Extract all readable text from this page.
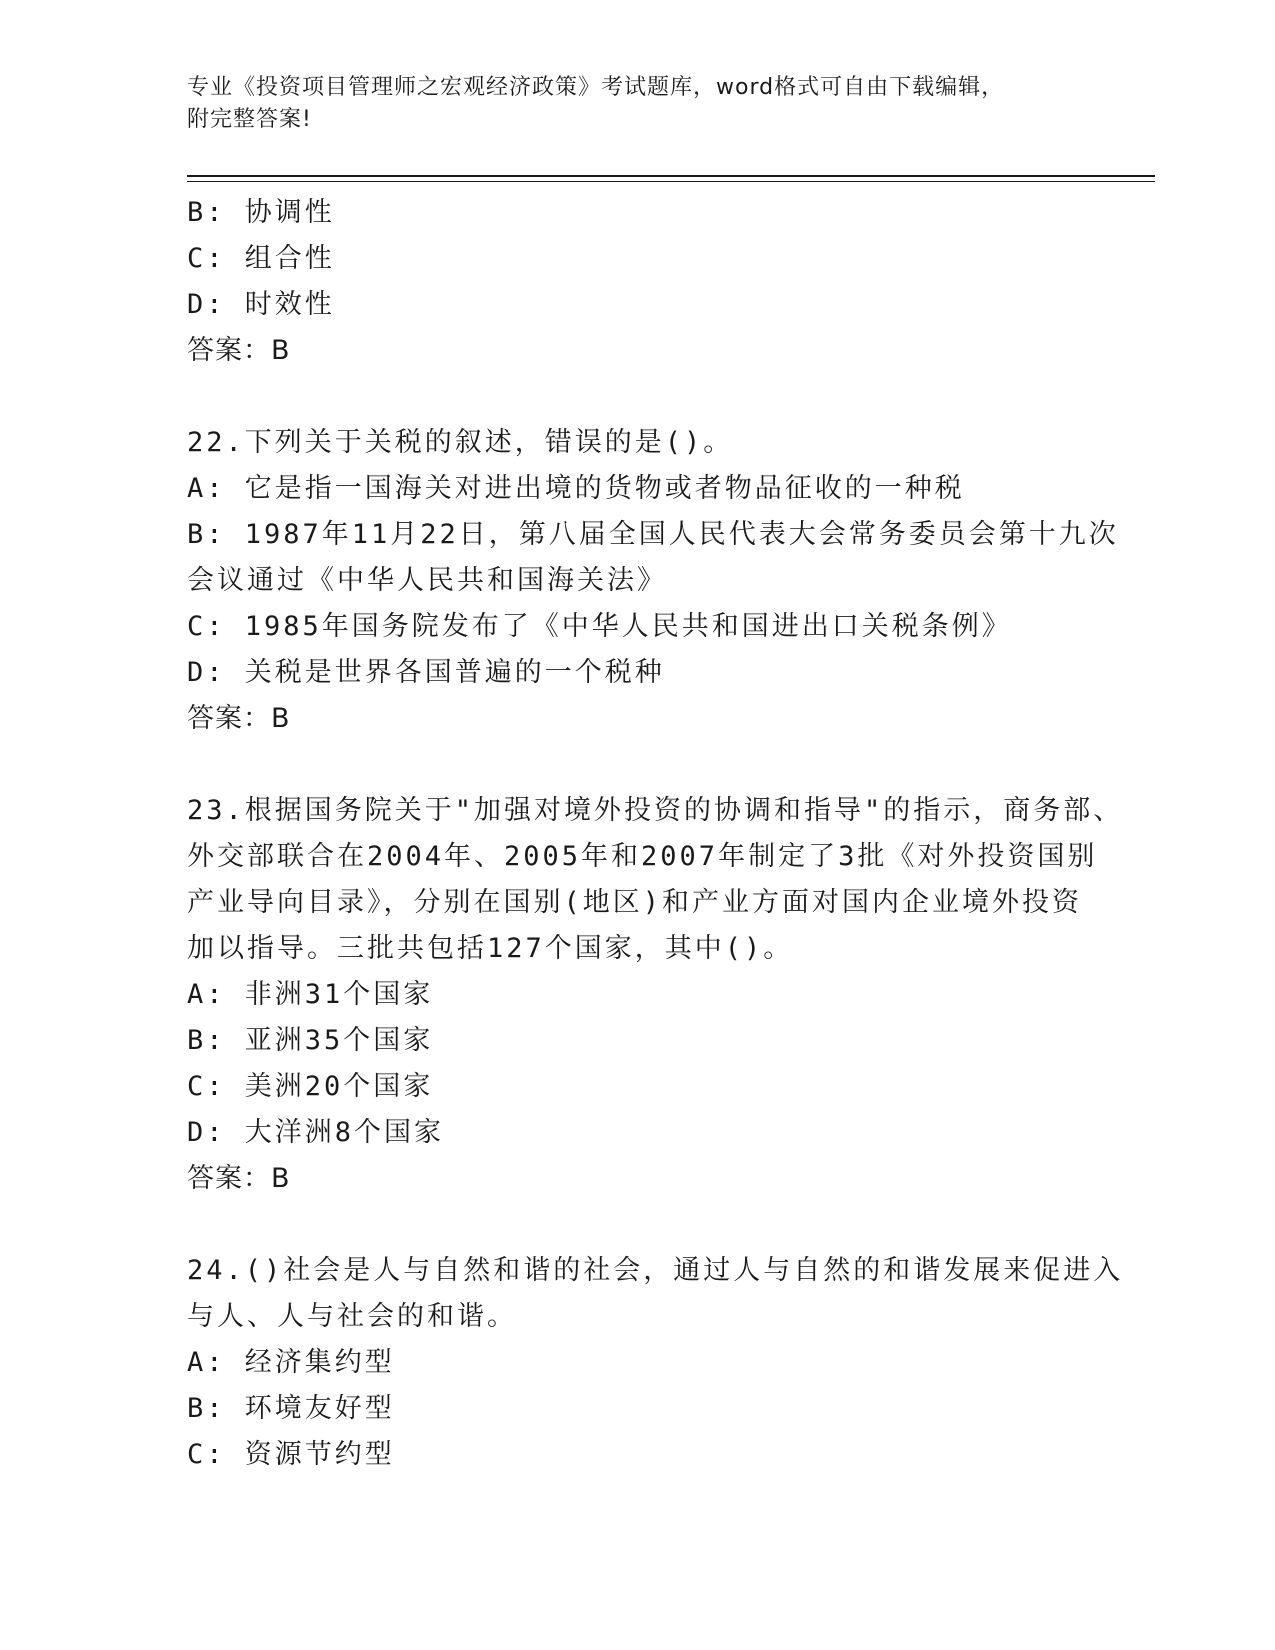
专业《投资项目管理师之宏观经济政策》考试题库，word格式可自由下载编辑，
附完整答案!
B: 协调性
C: 组合性
D: 时效性
答案：B
22.下列关于关税的叙述，错误的是()。
A: 它是指一国海关对进出境的货物或者物品征收的一种税
B: 1987年11月22日，第八届全国人民代表大会常务委员会第十九次
会议通过《中华人民共和国海关法》
C: 1985年国务院发布了《中华人民共和国进出口关税条例》
D: 关税是世界各国普遍的一个税种
答案：B
23.根据国务院关于"加强对境外投资的协调和指导"的指示，商务部、
外交部联合在2004年、2005年和2007年制定了3批《对外投资国别
产业导向目录》，分别在国别(地区)和产业方面对国内企业境外投资
加以指导。三批共包括127个国家，其中()。
A: 非洲31个国家
B: 亚洲35个国家
C: 美洲20个国家
D: 大洋洲8个国家
答案：B
24.()社会是人与自然和谐的社会，通过人与自然的和谐发展来促进入
与人、人与社会的和谐。
A: 经济集约型
B: 环境友好型
C: 资源节约型
